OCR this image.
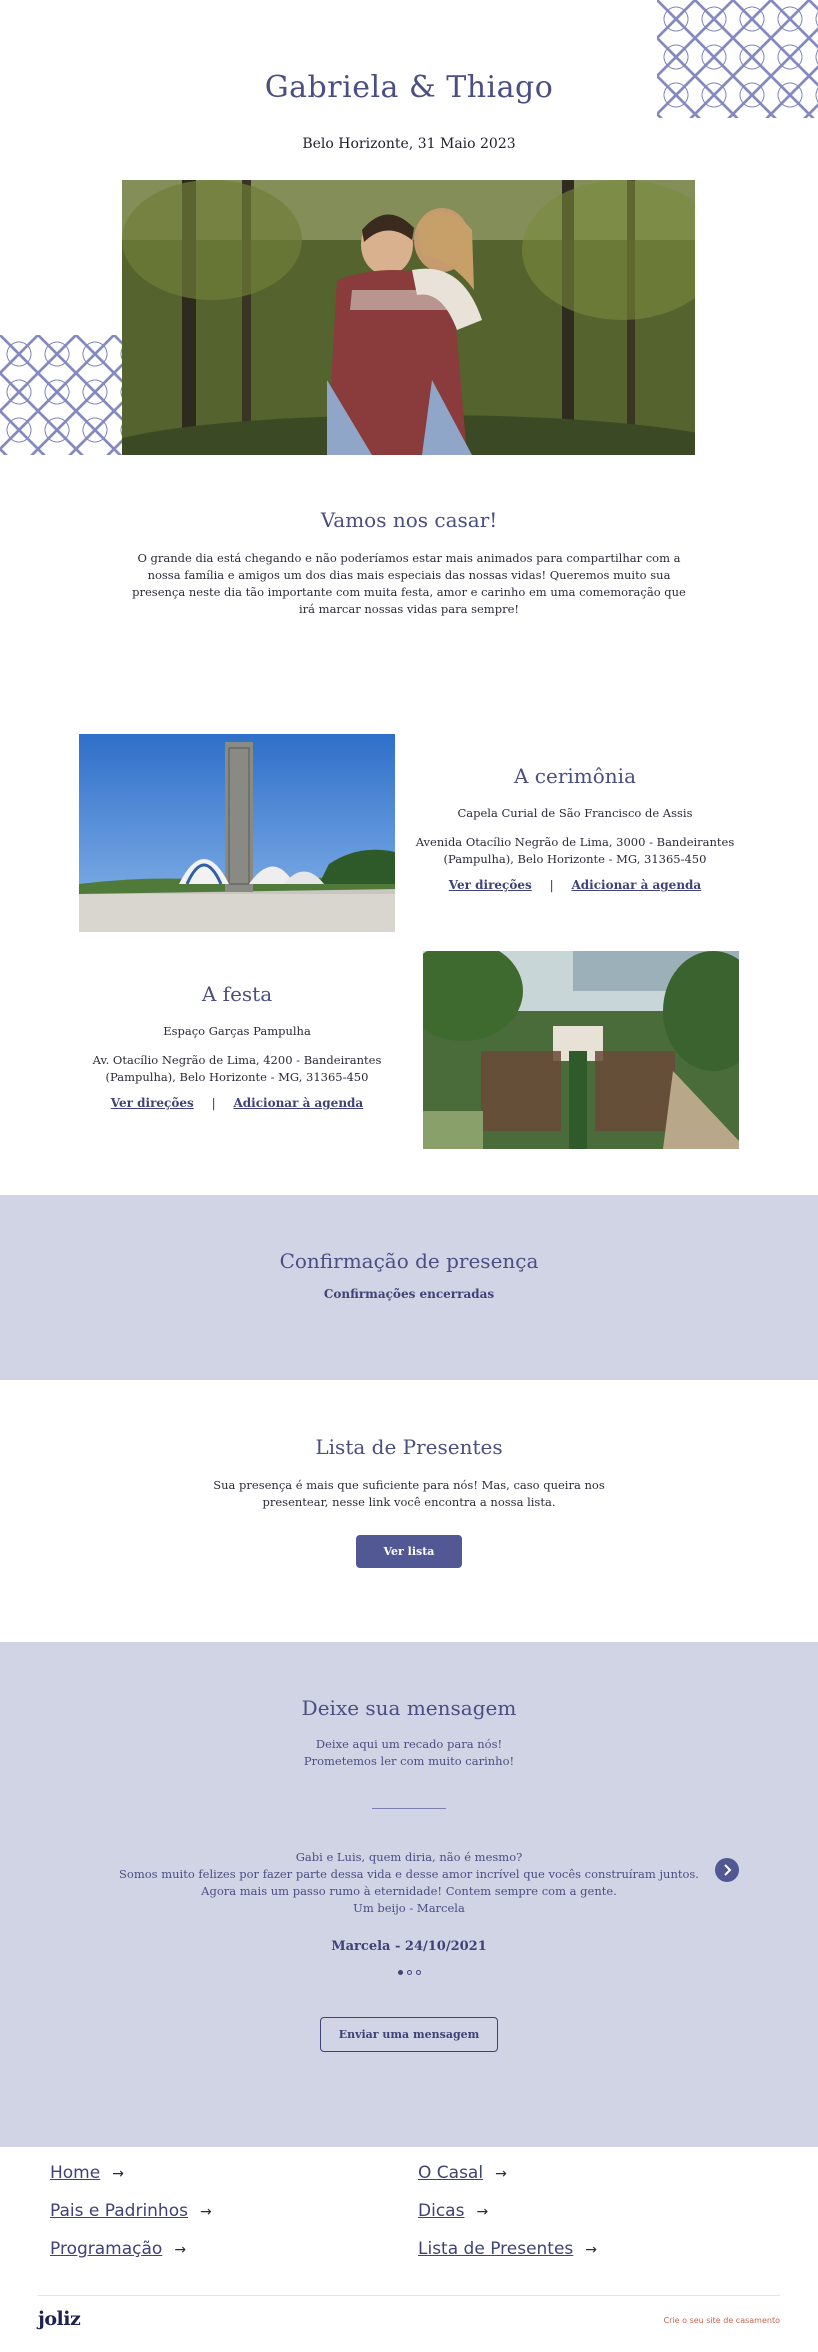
Gabriela & Thiago
Belo Horizonte, 31 Maio 2023
Vamos nos casar!
O grande dia está chegando e não poderíamos estar mais animados para compartilhar com a nossa família e amigos um dos dias mais especiais das nossas vidas! Queremos muito sua presença neste dia tão importante com muita festa, amor e carinho em uma comemoração que irá marcar nossas vidas para sempre!
A cerimônia
Capela Curial de São Francisco de Assis
Avenida Otacílio Negrão de Lima, 3000 - Bandeirantes (Pampulha), Belo Horizonte - MG, 31365-450
Ver direções | Adicionar à agenda
A festa
Espaço Garças Pampulha
Av. Otacílio Negrão de Lima, 4200 - Bandeirantes (Pampulha), Belo Horizonte - MG, 31365-450
Ver direções | Adicionar à agenda
Confirmação de presença
Confirmações encerradas
Lista de Presentes
Sua presença é mais que suficiente para nós! Mas, caso queira nos presentear, nesse link você encontra a nossa lista.
Ver lista
Deixe sua mensagem
Deixe aqui um recado para nós!
Prometemos ler com muito carinho!
Gabi e Luis, quem diria, não é mesmo?
Somos muito felizes por fazer parte dessa vida e desse amor incrível que vocês construíram juntos. Agora mais um passo rumo à eternidade! Contem sempre com a gente.
Um beijo - Marcela
Marcela - 24/10/2021

Enviar uma mensagem
Home →
Pais e Padrinhos →
Programação →
O Casal →
Dicas →
Lista de Presentes →
joliz	Crie o seu site de casamento
